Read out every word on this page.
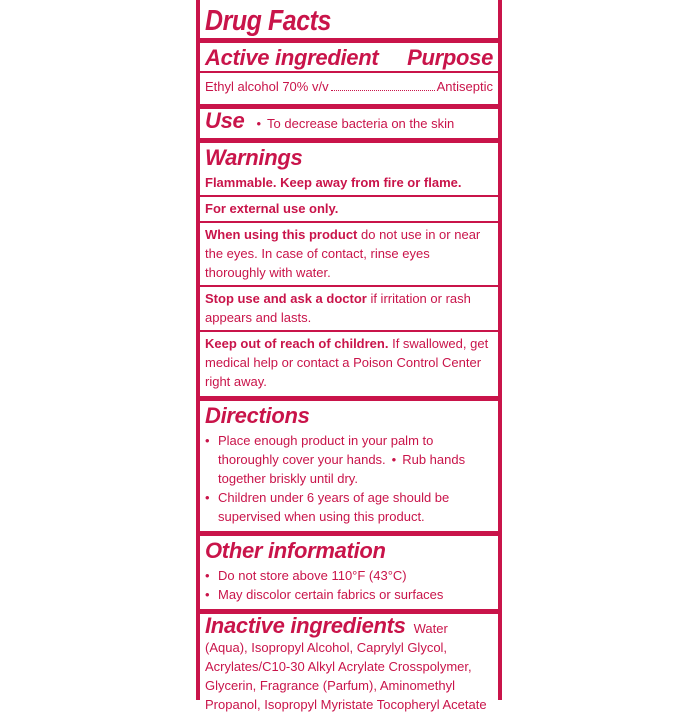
Drug Facts
Active ingredient Purpose
Ethyl alcohol 70% v/v	Antiseptic
Use • To decrease bacteria on the skin
Warnings
Flammable. Keep away from fire or flame.
For external use only.
When using this product do not use in or near the eyes. In case of contact, rinse eyes thoroughly with water.
Stop use and ask a doctor if irritation or rash appears and lasts.
Keep out of reach of children. If swallowed, get medical help or contact a Poison Control Center right away.
Directions
• Place enough product in your palm to thoroughly cover your hands. • Rub hands together briskly until dry.
• Children under 6 years of age should be supervised when using this product.
Other information
• Do not store above 110°F (43°C)
• May discolor certain fabrics or surfaces
Inactive ingredients Water (Aqua), Isopropyl Alcohol, Caprylyl Glycol, Acrylates/C10-30 Alkyl Acrylate Crosspolymer, Glycerin, Fragrance (Parfum), Aminomethyl Propanol, Isopropyl Myristate Tocopheryl Acetate
